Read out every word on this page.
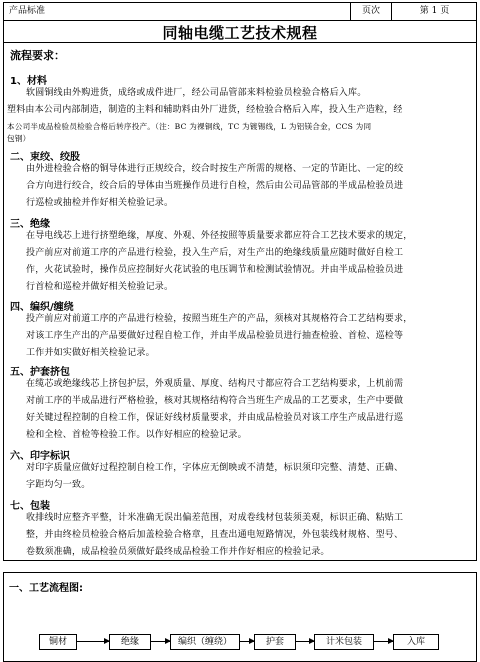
产品标准	页次	第 1 页
同轴电缆工艺技术规程
流程要求：
1、材料
软圆铜线由外购进货，成络或成件进厂，经公司品管部来料检验员检验合格后入库。
塑料由本公司内部制造，制造的主料和辅助料由外厂进货，经检验合格后入库，投入生产造粒，经
本公司半成品检验员检验合格后转序投产。（注：BC 为裸铜线，TC 为镀锡线，L 为铝镁合金，CCS 为同
包钢）
二、束绞、绞股
由外进检验合格的铜导体进行正规绞合，绞合时按生产所需的规格、一定的节距比、一定的绞
合方向进行绞合，绞合后的导体由当班操作员进行自检，然后由公司品管部的半成品检验员进
行巡检或抽检并作好相关检验记录。
三、绝缘
在导电线芯上进行挤塑绝缘，厚度、外观、外径按照等质量要求都应符合工艺技术要求的规定，
投产前应对前道工序的产品进行检验，投入生产后，对生产出的绝缘线质量应随时做好自检工
作，火花试验时，操作员应控制好火花试验的电压调节和检测试验情况。并由半成品检验员进
行首检和巡检并做好相关检验记录。
四、编织/缠绕
投产前应对前道工序的产品进行检验，按照当班生产的产品，须核对其规格符合工艺结构要求，
对该工序生产出的产品要做好过程自检工作，并由半成品检验员进行抽查检验、首检、巡检等
工作并如实做好相关检验记录。
五、护套挤包
在缆芯或绝缘线芯上挤包护层，外观质量、厚度、结构尺寸都应符合工艺结构要求，上机前需
对前工序的半成品进行严格检验，核对其规格结构符合当班生产成品的工艺要求，生产中要做
好关键过程控制的自检工作，保证好线材质量要求，并由成品检验员对该工序生产成品进行巡
检和全检、首检等检验工作。以作好相应的检验记录。
六、印字标识
对印字质量应做好过程控制自检工作，字体应无倒映或不清楚，标识须印完整、清楚、正确、
字距均匀一致。
七、包装
收排线时应整齐平整，计米准确无误出偏差范围，对成卷线材包装须美观，标识正确、粘贴工
整，并由终检员检验合格后加盖检验合格章，且查出通电短路情况，外包装线材规格、型号、
卷数须准确，成品检验员须做好最终成品检验工作并作好相应的检验记录。
一、工艺流程图:
铜材	绝缘	编织（缠绕）	护套	计米包装	入库
